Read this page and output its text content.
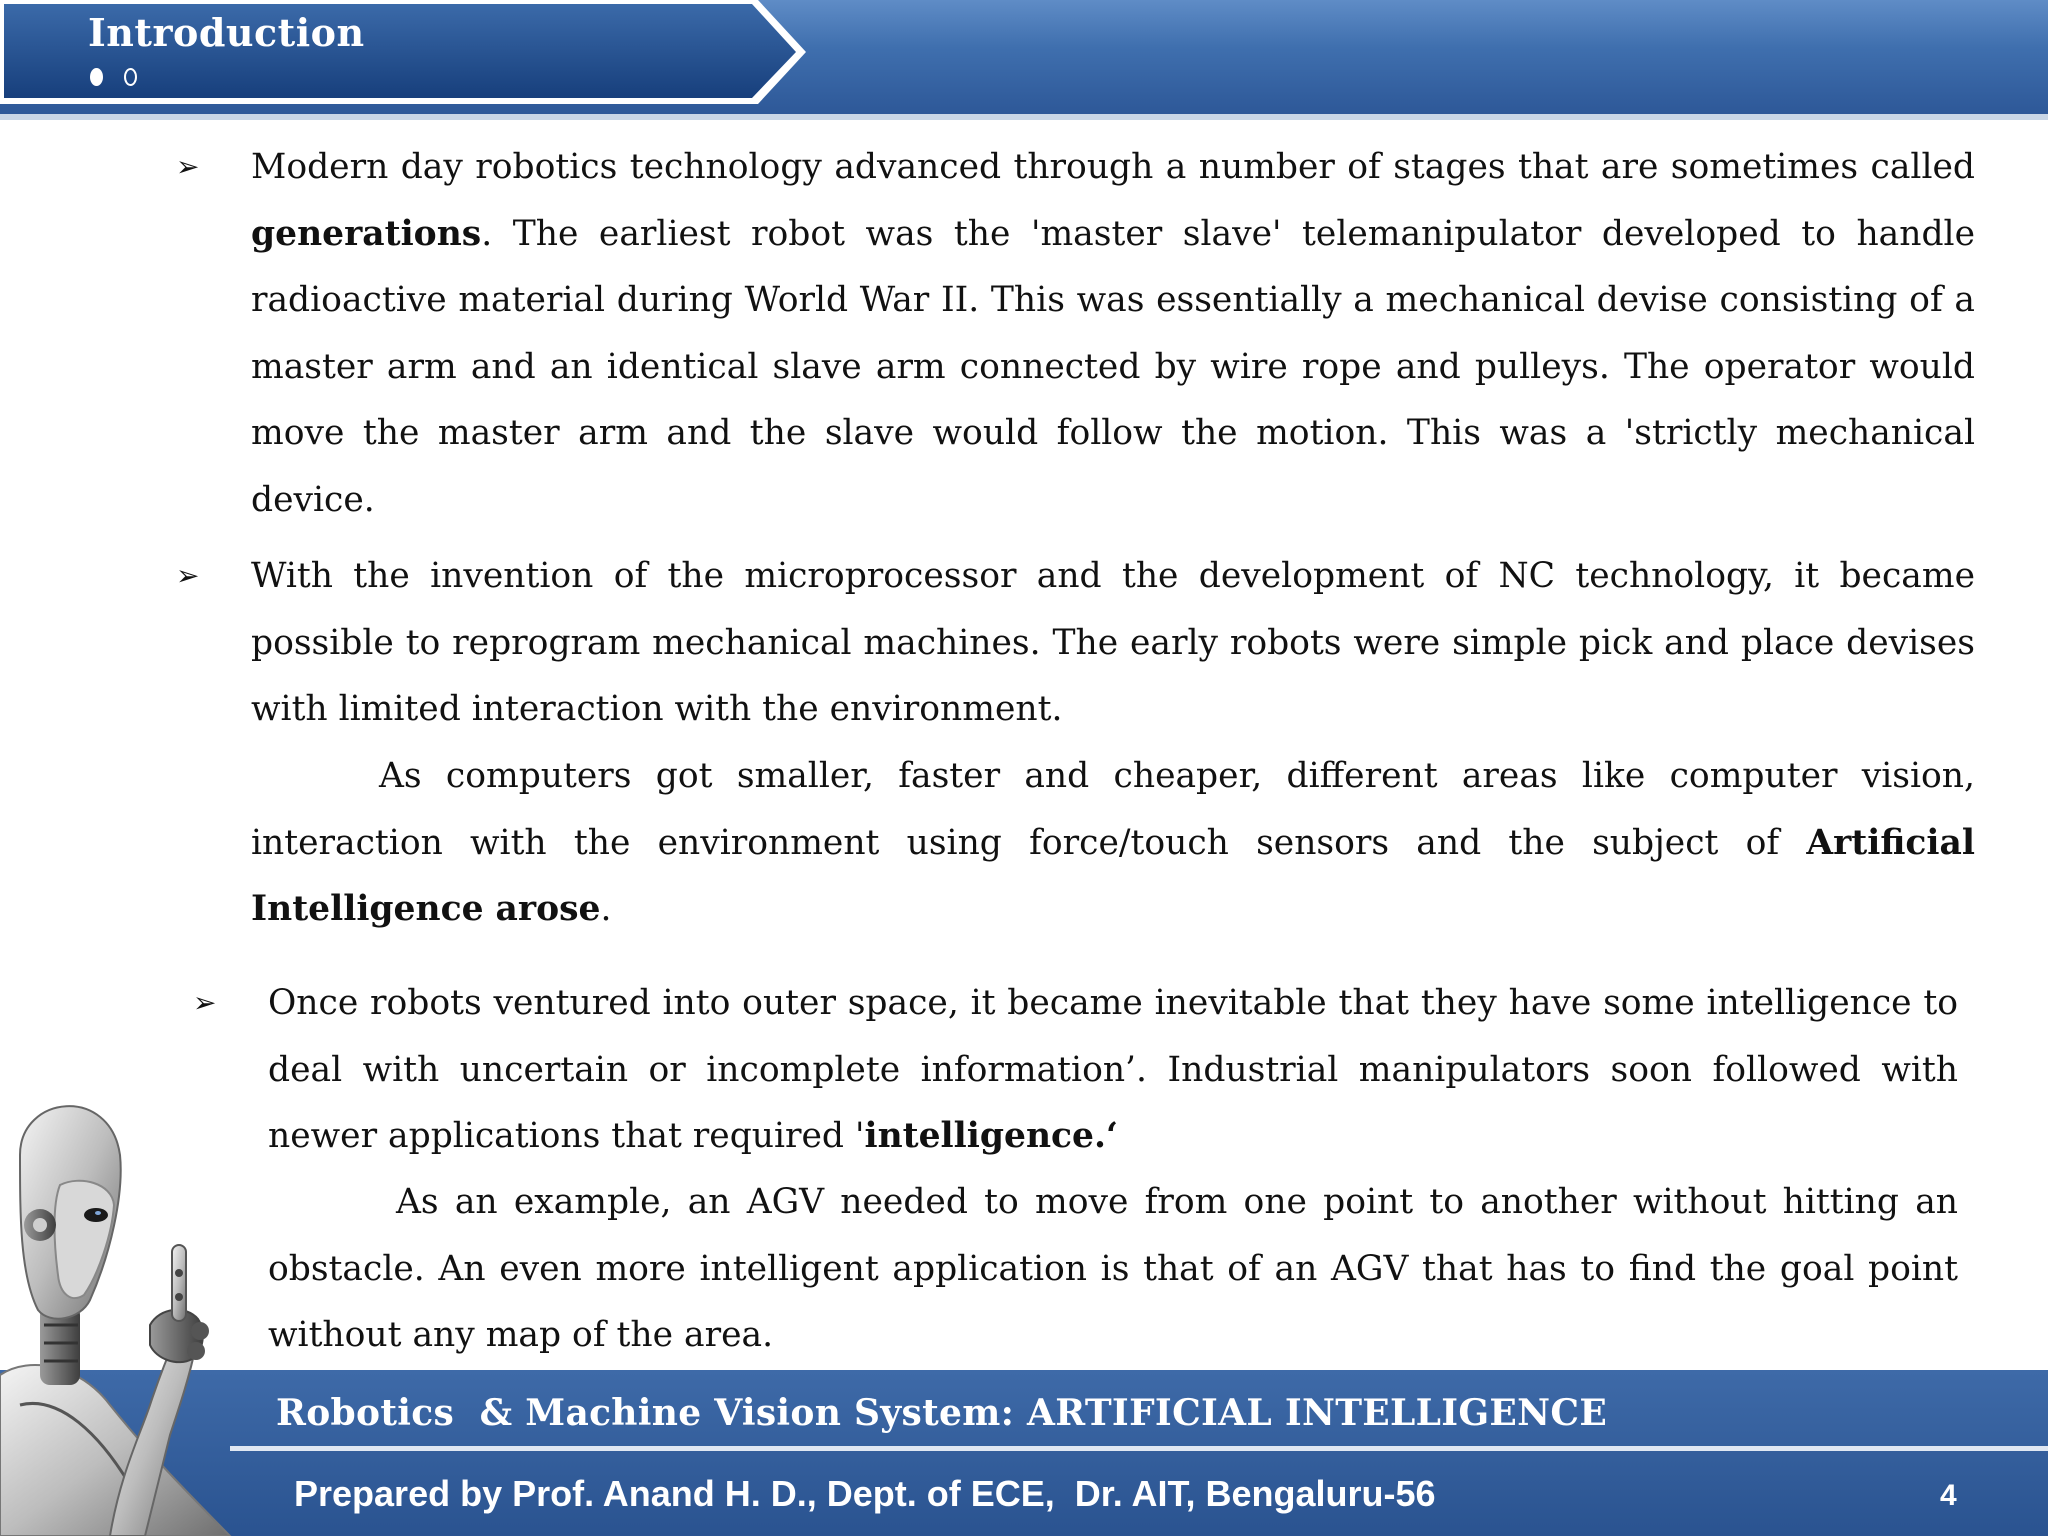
Introduction
➢ Modern day robotics technology advanced through a number of stages that are sometimes called generations. The earliest robot was the 'master slave' telemanipulator developed to handle radioactive material during World War II. This was essentially a mechanical devise consisting of a master arm and an identical slave arm connected by wire rope and pulleys. The operator would move the master arm and the slave would follow the motion. This was a 'strictly mechanical device.

➢ With the invention of the microprocessor and the development of NC technology, it became possible to reprogram mechanical machines. The early robots were simple pick and place devises with limited interaction with the environment.

As computers got smaller, faster and cheaper, different areas like computer vision, interaction with the environment using force/touch sensors and the subject of Artificial Intelligence arose.

➢ Once robots ventured into outer space, it became inevitable that they have some intelligence to deal with uncertain or incomplete information’. Industrial manipulators soon followed with newer applications that required 'intelligence.‘

As an example, an AGV needed to move from one point to another without hitting an obstacle. An even more intelligent application is that of an AGV that has to find the goal point without any map of the area.

Robotics  & Machine Vision System: ARTIFICIAL INTELLIGENCE
Prepared by Prof. Anand H. D., Dept. of ECE,  Dr. AIT, Bengaluru-56	4
